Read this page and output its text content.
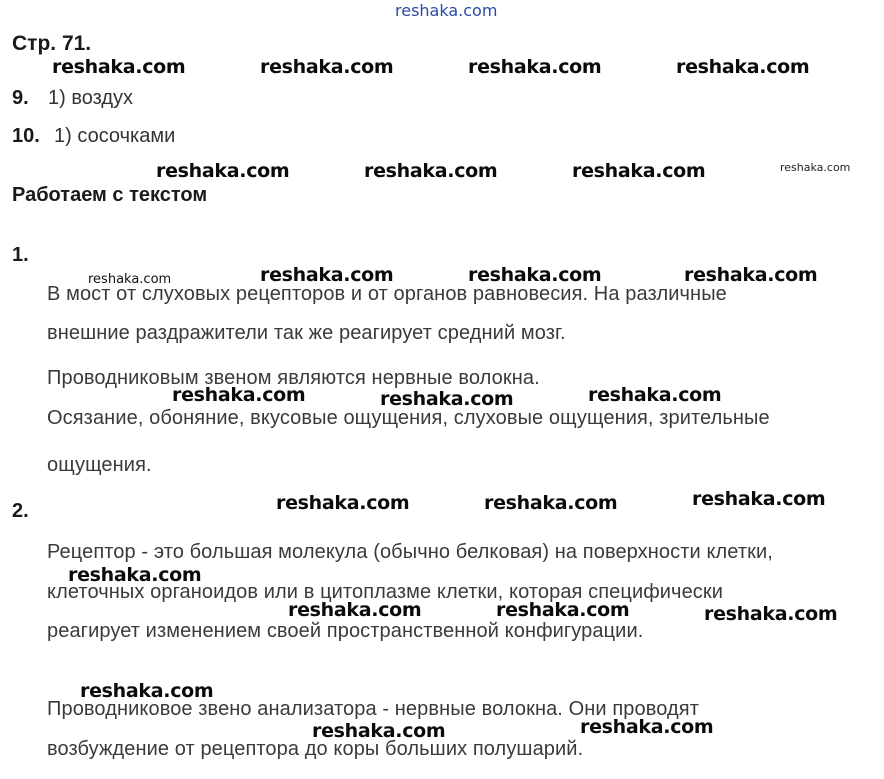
reshaka.com
reshaka.com	reshaka.com	reshaka.com	reshaka.com
reshaka.com	reshaka.com	reshaka.com	reshaka.com
reshaka.com	reshaka.com	reshaka.com	reshaka.com
reshaka.com	reshaka.com	reshaka.com
reshaka.com	reshaka.com	reshaka.com
reshaka.com
reshaka.com	reshaka.com	reshaka.com
reshaka.com
reshaka.com	reshaka.com
Стр. 71.
9. 1) воздух
10. 1) сосочками
Работаем с текстом
1.
В мост от слуховых рецепторов и от органов равновесия. На различные
внешние раздражители так же реагирует средний мозг.
Проводниковым звеном являются нервные волокна.
Осязание, обоняние, вкусовые ощущения, слуховые ощущения, зрительные
ощущения.
2.
Рецептор - это большая молекула (обычно белковая) на поверхности клетки,
клеточных органоидов или в цитоплазме клетки, которая специфически
реагирует изменением своей пространственной конфигурации.
Проводниковое звено анализатора - нервные волокна. Они проводят
возбуждение от рецептора до коры больших полушарий.
